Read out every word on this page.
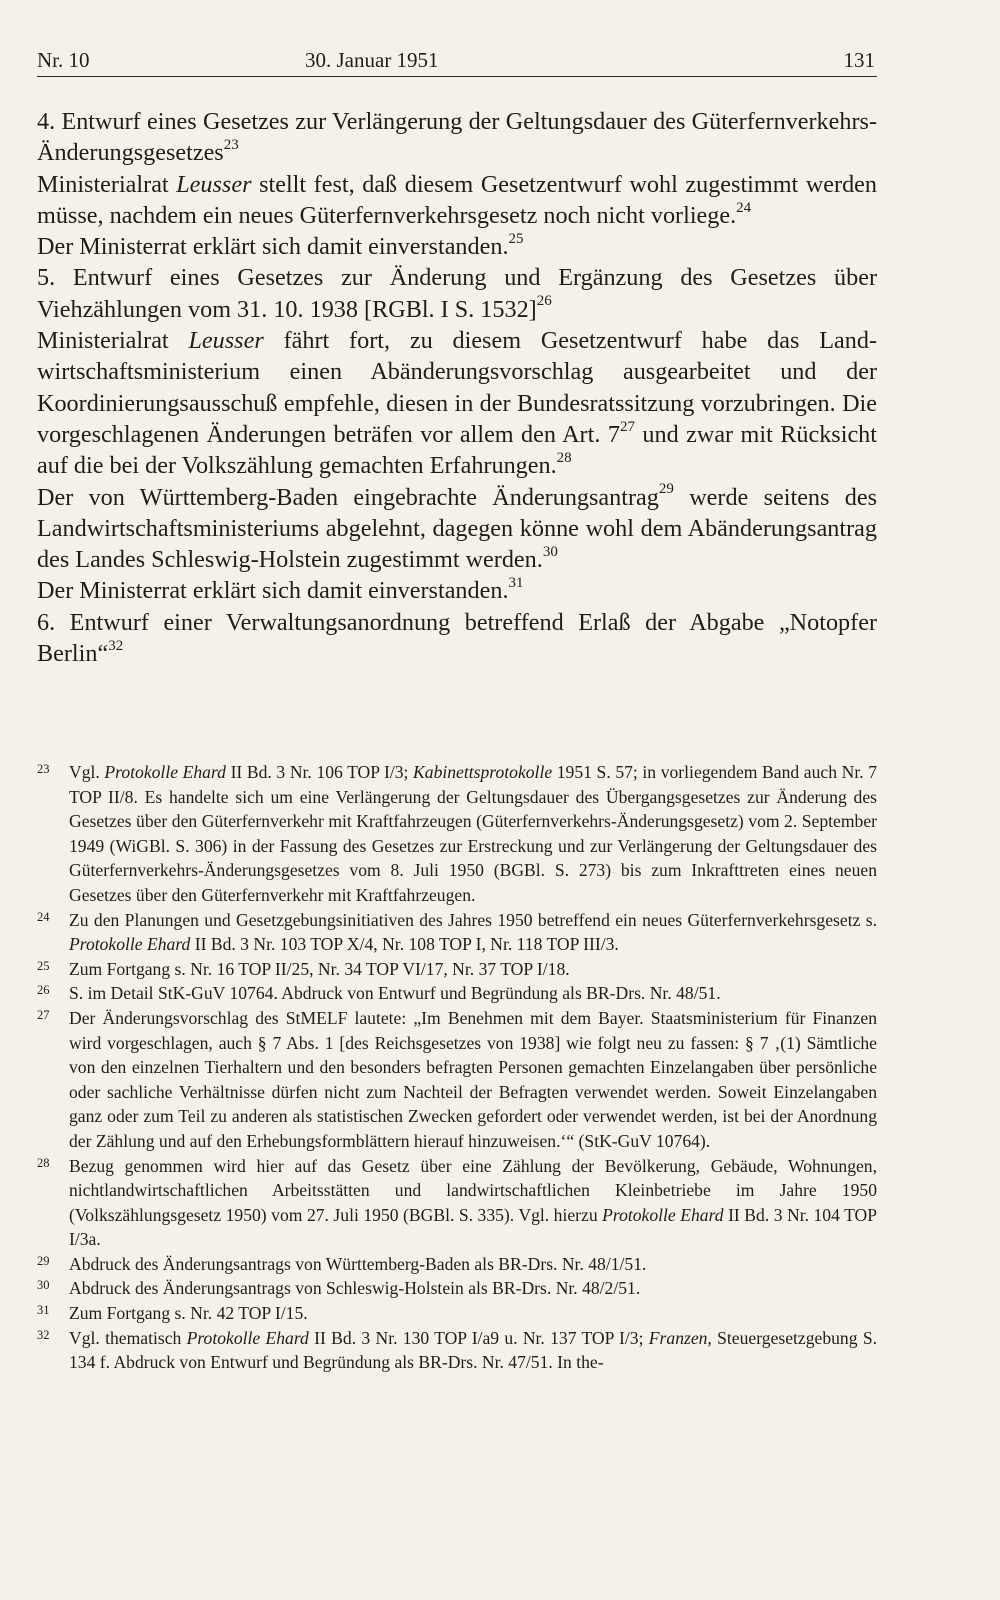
Nr. 10	30. Januar 1951	131

4. Entwurf eines Gesetzes zur Verlängerung der Geltungsdauer des Güterfernverkehrs-Änderungsgesetzes$^{23}$

Ministerialrat Leusser stellt fest, daß diesem Gesetzentwurf wohl zugestimmt werden müsse, nachdem ein neues Güterfernverkehrsgesetz noch nicht vorliege.$^{24}$

Der Ministerrat erklärt sich damit einverstanden.$^{25}$

5. Entwurf eines Gesetzes zur Änderung und Ergänzung des Gesetzes über Viehzählungen vom 31. 10. 1938 [RGBl. I S. 1532]$^{26}$

Ministerialrat Leusser fährt fort, zu diesem Gesetzentwurf habe das Landwirtschaftsministerium einen Abänderungsvorschlag ausgearbeitet und der Koordinierungsausschuß empfehle, diesen in der Bundesratssitzung vorzubringen. Die vorgeschlagenen Änderungen beträfen vor allem den Art. $7^{27}$ und zwar mit Rücksicht auf die bei der Volkszählung gemachten Erfahrungen.$^{28}$

Der von Württemberg-Baden eingebrachte Änderungsantrag$^{29}$ werde seitens des Landwirtschaftsministeriums abgelehnt, dagegen könne wohl dem Abänderungsantrag des Landes Schleswig-Holstein zugestimmt werden.$^{30}$

Der Ministerrat erklärt sich damit einverstanden.$^{31}$

6. Entwurf einer Verwaltungsanordnung betreffend Erlaß der Abgabe „Notopfer Berlin“$^{32}$

23 Vgl. Protokolle Ehard II Bd. 3 Nr. 106 TOP I/3; Kabinettsprotokolle 1951 S. 57; in vorliegendem Band auch Nr. 7 TOP II/8. Es handelte sich um eine Verlängerung der Geltungsdauer des Übergangsgesetzes zur Änderung des Gesetzes über den Güterfernverkehr mit Kraftfahrzeugen (Güterfernverkehrs-Änderungsgesetz) vom 2. September 1949 (WiGBl. S. 306) in der Fassung des Gesetzes zur Erstreckung und zur Verlängerung der Geltungsdauer des Güterfernverkehrs-Änderungsgesetzes vom 8. Juli 1950 (BGBl. S. 273) bis zum Inkrafttreten eines neuen Gesetzes über den Güterfernverkehr mit Kraftfahrzeugen.

24 Zu den Planungen und Gesetzgebungsinitiativen des Jahres 1950 betreffend ein neues Güterfernverkehrsgesetz s. Protokolle Ehard II Bd. 3 Nr. 103 TOP X/4, Nr. 108 TOP I, Nr. 118 TOP III/3.

25 Zum Fortgang s. Nr. 16 TOP II/25, Nr. 34 TOP VI/17, Nr. 37 TOP I/18.

26 S. im Detail StK-GuV 10764. Abdruck von Entwurf und Begründung als BR-Drs. Nr. 48/51.

27 Der Änderungsvorschlag des StMELF lautete: „Im Benehmen mit dem Bayer. Staatsministerium für Finanzen wird vorgeschlagen, auch § 7 Abs. 1 [des Reichsgesetzes von 1938] wie folgt neu zu fassen: § 7 ‚(1) Sämtliche von den einzelnen Tierhaltern und den besonders befragten Personen gemachten Einzelangaben über persönliche oder sachliche Verhältnisse dürfen nicht zum Nachteil der Befragten verwendet werden. Soweit Einzelangaben ganz oder zum Teil zu anderen als statistischen Zwecken gefordert oder verwendet werden, ist bei der Anordnung der Zählung und auf den Erhebungsformblättern hierauf hinzuweisen.‘“ (StK-GuV 10764).

28 Bezug genommen wird hier auf das Gesetz über eine Zählung der Bevölkerung, Gebäude, Wohnungen, nichtlandwirtschaftlichen Arbeitsstätten und landwirtschaftlichen Kleinbetriebe im Jahre 1950 (Volkszählungsgesetz 1950) vom 27. Juli 1950 (BGBl. S. 335). Vgl. hierzu Protokolle Ehard II Bd. 3 Nr. 104 TOP I/3a.

29 Abdruck des Änderungsantrags von Württemberg-Baden als BR-Drs. Nr. 48/1/51.

30 Abdruck des Änderungsantrags von Schleswig-Holstein als BR-Drs. Nr. 48/2/51.

31 Zum Fortgang s. Nr. 42 TOP I/15.

32 Vgl. thematisch Protokolle Ehard II Bd. 3 Nr. 130 TOP I/a9 u. Nr. 137 TOP I/3; Franzen, Steuergesetzgebung S. 134 f. Abdruck von Entwurf und Begründung als BR-Drs. Nr. 47/51. In the-
